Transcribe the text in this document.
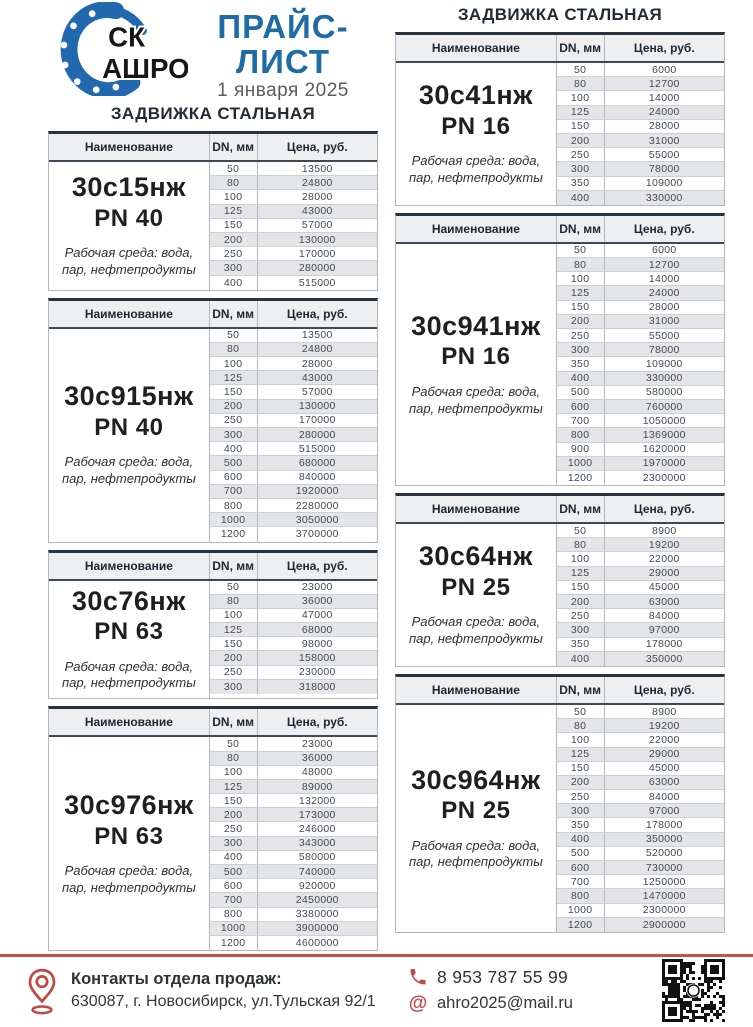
СК
АШРО
ПРАЙС-ЛИСТ
1 января 2025
ЗАДВИЖКА СТАЛЬНАЯ
Наименование	DN, мм	Цена, руб.
30с15нж
PN 40
Рабочая среда: вода, пар, нефтепродукты
50	13500
80	24800
100	28000
125	43000
150	57000
200	130000
250	170000
300	280000
400	515000
Наименование	DN, мм	Цена, руб.
30с915нж
PN 40
Рабочая среда: вода, пар, нефтепродукты
50	13500
80	24800
100	28000
125	43000
150	57000
200	130000
250	170000
300	280000
400	515000
500	680000
600	840000
700	1920000
800	2280000
1000	3050000
1200	3700000
Наименование	DN, мм	Цена, руб.
30с76нж
PN 63
Рабочая среда: вода, пар, нефтепродукты
50	23000
80	36000
100	47000
125	68000
150	98000
200	158000
250	230000
300	318000
Наименование	DN, мм	Цена, руб.
30с976нж
PN 63
Рабочая среда: вода, пар, нефтепродукты
50	23000
80	36000
100	48000
125	89000
150	132000
200	173000
250	246000
300	343000
400	580000
500	740000
600	920000
700	2450000
800	3380000
1000	3900000
1200	4600000
ЗАДВИЖКА СТАЛЬНАЯ
Наименование	DN, мм	Цена, руб.
30с41нж
PN 16
Рабочая среда: вода, пар, нефтепродукты
50	6000
80	12700
100	14000
125	24000
150	28000
200	31000
250	55000
300	78000
350	109000
400	330000
Наименование	DN, мм	Цена, руб.
30с941нж
PN 16
Рабочая среда: вода, пар, нефтепродукты
50	6000
80	12700
100	14000
125	24000
150	28000
200	31000
250	55000
300	78000
350	109000
400	330000
500	580000
600	760000
700	1050000
800	1369000
900	1620000
1000	1970000
1200	2300000
Наименование	DN, мм	Цена, руб.
30с64нж
PN 25
Рабочая среда: вода, пар, нефтепродукты
50	8900
80	19200
100	22000
125	29000
150	45000
200	63000
250	84000
300	97000
350	178000
400	350000
Наименование	DN, мм	Цена, руб.
30с964нж
PN 25
Рабочая среда: вода, пар, нефтепродукты
50	8900
80	19200
100	22000
125	29000
150	45000
200	63000
250	84000
300	97000
350	178000
400	350000
500	520000
600	730000
700	1250000
800	1470000
1000	2300000
1200	2900000
Контакты отдела продаж:
630087, г. Новосибирск, ул.Тульская 92/1
8 953 787 55 99
@ ahro2025@mail.ru
